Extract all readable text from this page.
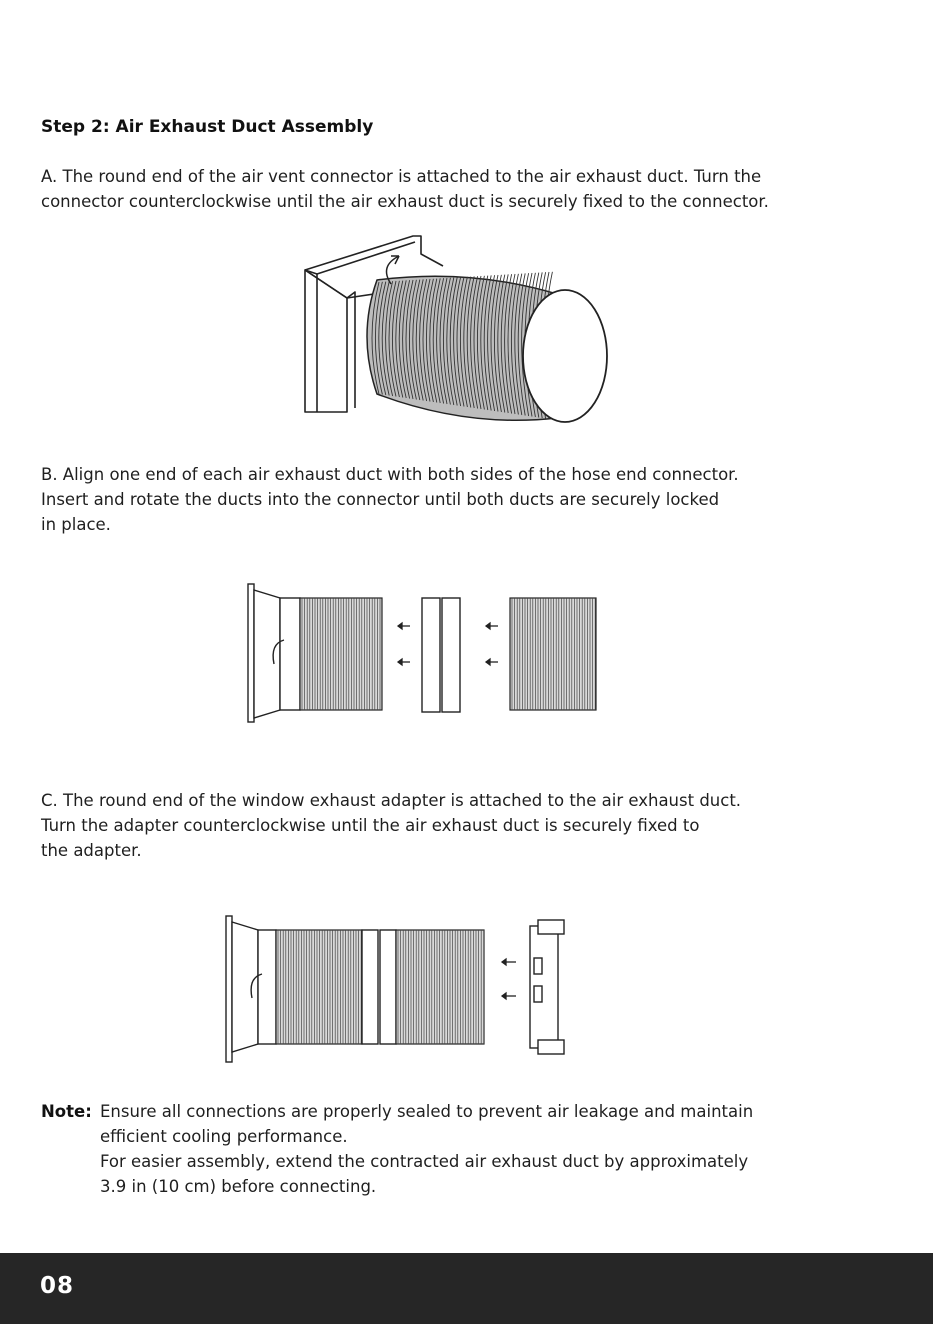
Step 2: Air Exhaust Duct Assembly
A. The round end of the air vent connector is attached to the air exhaust duct. Turn the
connector counterclockwise until the air exhaust duct is securely fixed to the connector.
B. Align one end of each air exhaust duct with both sides of the hose end connector.
Insert and rotate the ducts into the connector until both ducts are securely locked
in place.
C. The round end of the window exhaust adapter is attached to the air exhaust duct.
Turn the adapter counterclockwise until the air exhaust duct is securely fixed to
the adapter.
Note: Ensure all connections are properly sealed to prevent air leakage and maintain
efficient cooling performance.
For easier assembly, extend the contracted air exhaust duct by approximately
3.9 in (10 cm) before connecting.
08
